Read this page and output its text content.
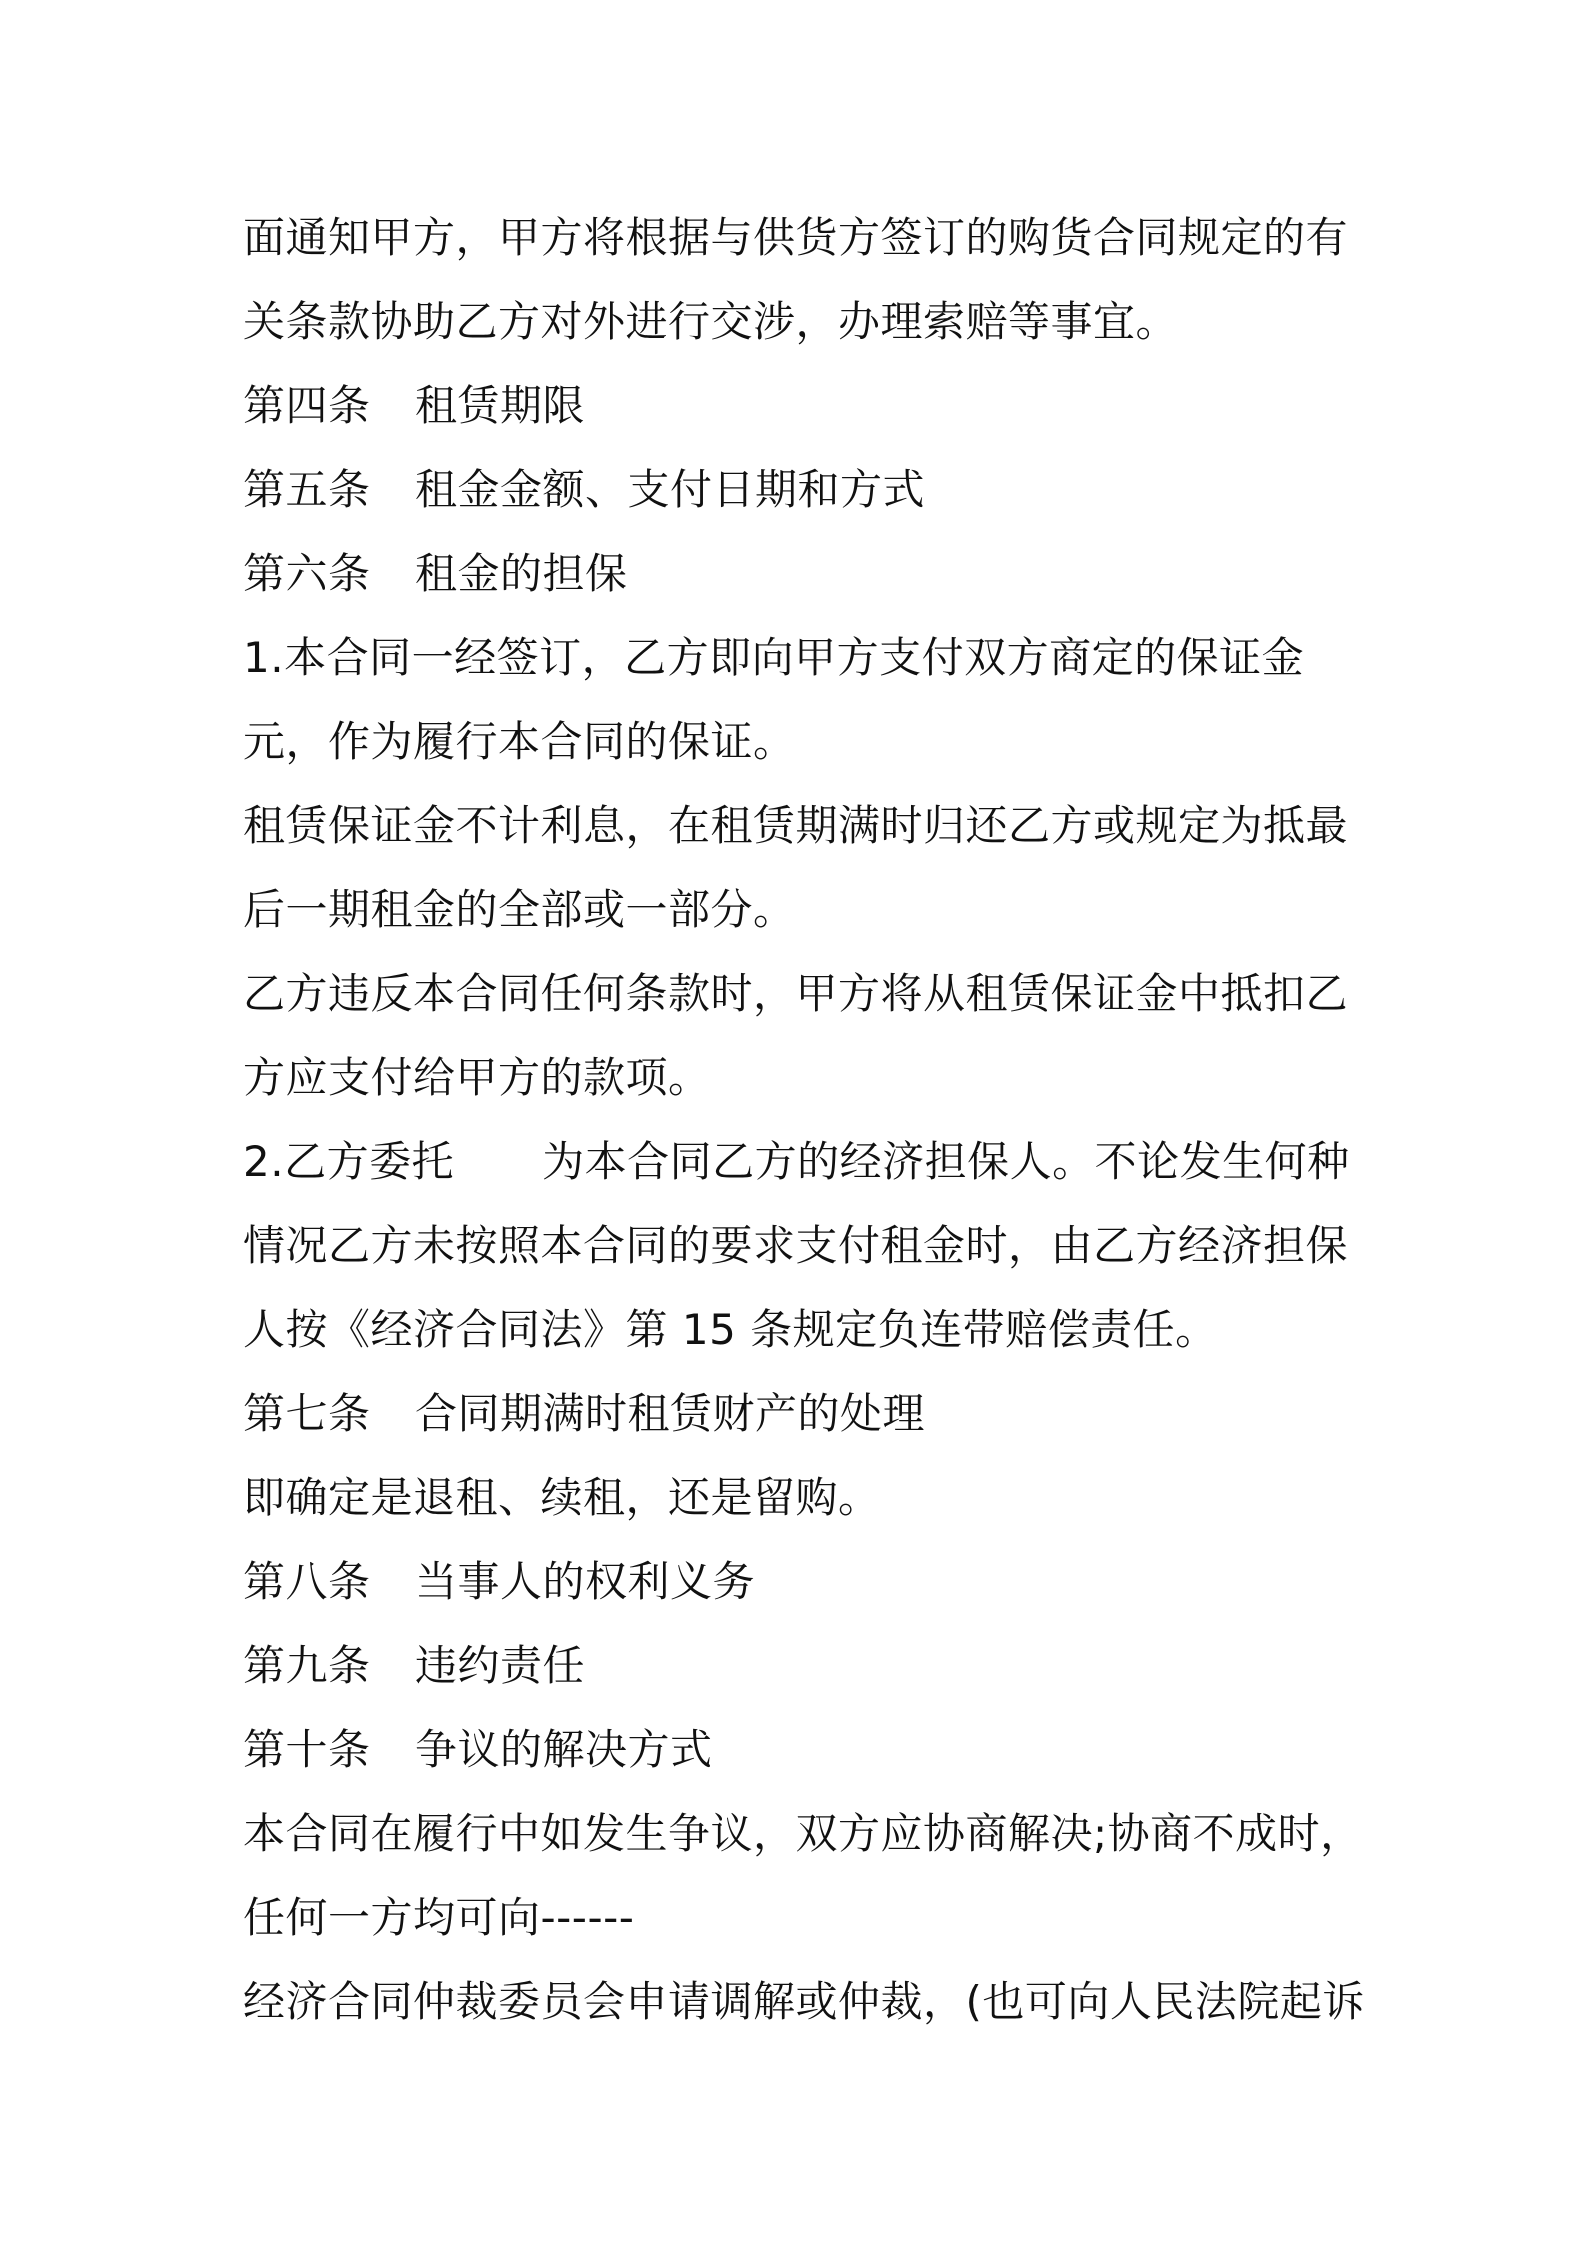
面通知甲方，甲方将根据与供货方签订的购货合同规定的有

关条款协助乙方对外进行交涉，办理索赔等事宜。

第四条 租赁期限

第五条 租金金额、支付日期和方式

第六条 租金的担保

1.本合同一经签订，乙方即向甲方支付双方商定的保证金

元，作为履行本合同的保证。

租赁保证金不计利息，在租赁期满时归还乙方或规定为抵最

后一期租金的全部或一部分。

乙方违反本合同任何条款时，甲方将从租赁保证金中抵扣乙

方应支付给甲方的款项。

2.乙方委托 为本合同乙方的经济担保人。不论发生何种

情况乙方未按照本合同的要求支付租金时，由乙方经济担保

人按《经济合同法》第 15 条规定负连带赔偿责任。

第七条 合同期满时租赁财产的处理

即确定是退租、续租，还是留购。

第八条 当事人的权利义务

第九条 违约责任

第十条 争议的解决方式

本合同在履行中如发生争议，双方应协商解决;协商不成时，

任何一方均可向------

经济合同仲裁委员会申请调解或仲裁，(也可向人民法院起诉
